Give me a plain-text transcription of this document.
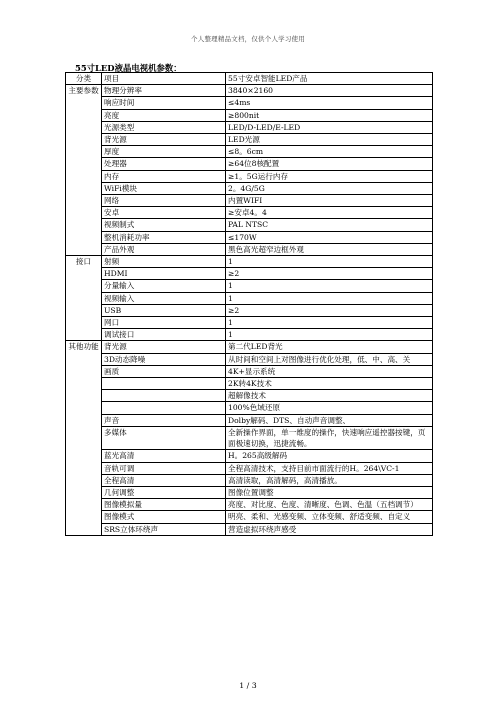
个人整理精品文档，仅供个人学习使用
55寸LED液晶电视机参数：
分类	项目	55寸安卓智能LED产品
主要参数	物理分辨率	3840×2160
	响应时间	≤4ms
	亮度	≥800nit
	光源类型	LED/D-LED/E-LED
	背光源	LED光源
	厚度	≤8。6cm
	处理器	≥64位8核配置
	内存	≥1。5G运行内存
	WiFi模块	2。4G/5G
	网络	内置WIFI
	安卓	≥安卓4。4
	视频制式	PAL NTSC
	整机消耗功率	≤170W
	产品外观	黑色高光超窄边框外观
接口	射频	1
	HDMI	≥2
	分量输入	1
	视频输入	1
	USB	≥2
	网口	1
	调试接口	1
其他功能	背光源	第二代LED背光
	3D动态降噪	从时间和空间上对图像进行优化处理，低、中、高、关
	画质	4K+显示系统
		2K转4K技术
		超解像技术
		100%色域还原
	声音	Dolby解码、DTS、自动声音调整、
	多媒体	全新操作界面，单一维度的操作，快速响应遥控器按键，页面极速切换，迅捷流畅。
	蓝光高清	H。265高级解码
	音轨可调	全程高清技术，支持目前市面流行的H。264\VC-1
	全程高清	高清读取，高清解码，高清播放。
	几何调整	图像位置调整
	图像模拟量	亮度、对比度、色度、清晰度、色调、色温（五档调节）
	图像模式	明亮、柔和、光感变频、立体变频、舒适变频、自定义
	SRS立体环绕声	营造虚拟环绕声感受
1 / 3
